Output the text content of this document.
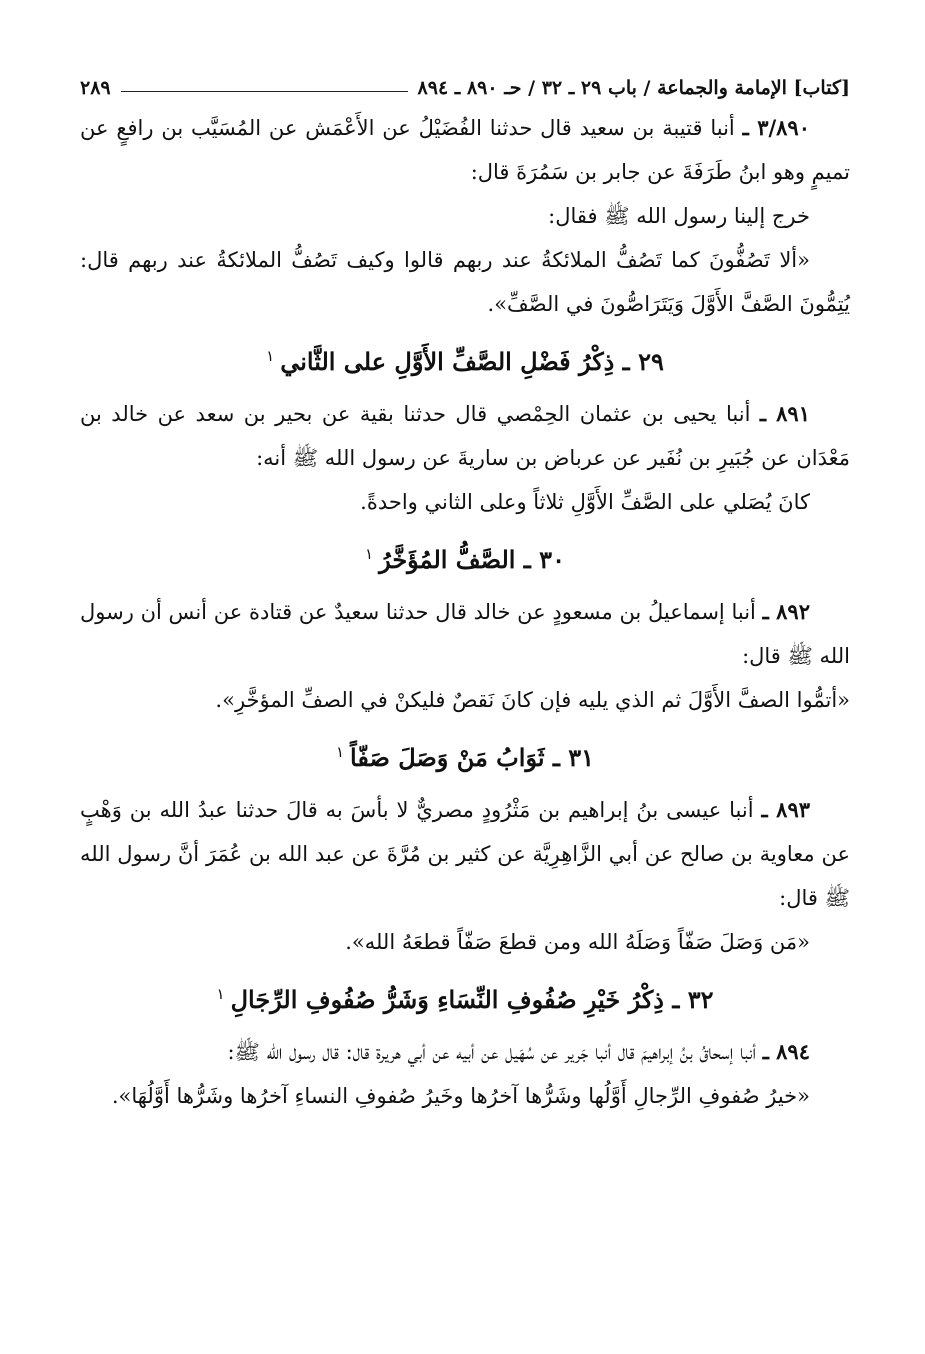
[كتاب] الإمامة والجماعة / باب ٢٩ ـ ٣٢ / حـ ٨٩٠ ـ ٨٩٤
٢٨٩

٣/٨٩٠ ـ أنبا قتيبة بن سعيد قال حدثنا الفُضَيْلُ عن الأَعْمَش عن المُسَيَّب بن رافعٍ عن تميمٍ وهو ابنُ طَرَفَةَ عن جابر بن سَمُرَةَ قال:

خرج إلينا رسول الله ﷺ فقال:

«ألا تَصُفُّونَ كما تَصُفُّ الملائكةُ عند ربهم قالوا وكيف تَصُفُّ الملائكةُ عند ربهم قال: يُتِمُّونَ الصَّفَّ الأَوَّلَ وَيَتَرَاصُّونَ في الصَّفِّ».

٢٩ ـ ذِكْرُ فَضْلِ الصَّفِّ الأَوَّلِ على الثَّاني$^١$

٨٩١ ـ أنبا يحيى بن عثمان الحِمْصي قال حدثنا بقية عن بحير بن سعد عن خالد بن مَعْدَان عن جُبَيرِ بن نُفَير عن عرباض بن ساريةَ عن رسول الله ﷺ أنه:

كانَ يُصَلي على الصَّفِّ الأَوَّلِ ثلاثاً وعلى الثاني واحدةً.

٣٠ ـ الصَّفُّ المُؤَخَّرُ$^١$

٨٩٢ ـ أنبا إسماعيلُ بن مسعودٍ عن خالد قال حدثنا سعيدٌ عن قتادة عن أنس أن رسول الله ﷺ قال:

«أتمُّوا الصفَّ الأَوَّلَ ثم الذي يليه فإن كانَ نَقصٌ فليكنْ في الصفِّ المؤخَّرِ».

٣١ ـ ثَوَابُ مَنْ وَصَلَ صَفّاً$^١$

٨٩٣ ـ أنبا عيسى بنُ إبراهيم بن مَثْرُودٍ مصريٌّ لا بأسَ به قالَ حدثنا عبدُ الله بن وَهْبٍ عن معاوية بن صالح عن أبي الزَّاهِرِيَّة عن كثير بن مُرَّةَ عن عبد الله بن عُمَرَ أنَّ رسول الله ﷺ قال:

«مَن وَصَلَ صَفّاً وَصَلَهُ الله ومن قطعَ صَفّاً قطعَهُ الله».

٣٢ ـ ذِكْرُ خَيْرِ صُفُوفِ النِّسَاءِ وَشَرُّ صُفُوفِ الرِّجَالِ$^١$

٨٩٤ ـ أنبا إسحاقُ بنُ إبراهيمَ قال أنبا جَرير عن سُهَيل عن أبيه عن أبي هريرة قال: قال رسول الله ﷺ:

«خيرُ صُفوفِ الرِّجالِ أَوَّلُها وشَرُّها آخرُها وخَيرُ صُفوفِ النساءِ آخرُها وشَرُّها أَوَّلُهَا».
